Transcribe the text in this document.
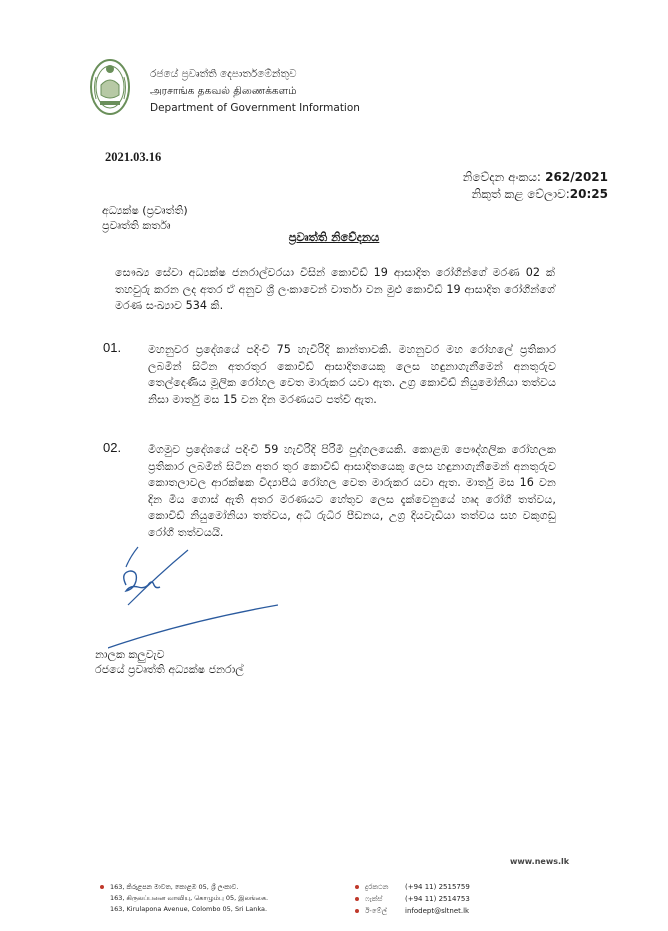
රජයේ ප්‍රවෘත්ති දෙපාර්තමේන්තුව
அரசாங்க தகவல் திணைக்களம்
Department of Government Information
2021.03.16
නිවේදන අංකය: 262/2021
නිකුත් කළ වේලාව:20:25
අධ්‍යක්ෂ (ප්‍රවෘත්ති)
ප්‍රවෘත්ති කර්තෘ
ප්‍රවෘත්ති නිවේදනය
සෞඛ්‍ය සේවා අධ්‍යක්ෂ ජනරාල්වරයා විසින් කොවිඩ් 19 ආසාදිත රෝගීන්ගේ මරණ 02 ක් තහවුරු කරන ලද අතර ඒ අනුව ශ්‍රී ලංකාවෙන් වාර්තා වන මුළු කොවිඩ් 19 ආසාදිත රෝගීන්ගේ මරණ සංඛ්‍යාව 534 කි.
01. මහනුවර ප්‍රදේශයේ පදිංචි 75 හැවිරිදි කාන්තාවකි. මහනුවර මහ රෝහලේ ප්‍රතිකාර ලබමින් සිටින අතරතුර කොවිඩ් ආසාදිතයෙකු ලෙස හඳුනාගැනීමෙන් අනතුරුව තෙල්දෙණිය මූලික රෝහල වෙත මාරුකර යවා ඇත. උග්‍ර කොවිඩ් නියුමෝනියා තත්වය නිසා මාර්තු මස 15 වන දින මරණයට පත්වී ඇත.
02. මීගමුව ප්‍රදේශයේ පදිංචි 59 හැවිරිදි පිරිමි පුද්ගලයෙකි. කොළඹ පෞද්ගලික රෝහලක ප්‍රතිකාර ලබමින් සිටින අතර තුර කොවිඩ් ආසාදිතයෙකු ලෙස හඳුනාගැනීමෙන් අනතුරුව කොතලාවල ආරක්ෂක විද්‍යාපීඨ රෝහල වෙත මාරුකර යවා ඇත. මාර්තු මස 16 වන දින මිය ගොස් ඇති අතර මරණයට හේතුව ලෙස දැක්වෙනුයේ හෘද රෝගී තත්වය, කොවිඩ් නියුමෝනියා තත්වය, අධි රුධිර පීඩනය, උග්‍ර දියවැඩියා තත්වය සහ වකුගඩු රෝගී තත්වයයි.
නාලක කලුවැව
රජයේ ප්‍රවෘත්ති අධ්‍යක්ෂ ජනරාල්
163, කිරුළපන මාවත, කොළඹ 05, ශ්‍රී ලංකාව.
163, கிருலப்பனை வாவியு, கொழும்பு 05, இலங்கை.
163, Kirulapona Avenue, Colombo 05, Sri Lanka.
දුරකථන (+94 11) 2515759
ෆැක්ස්	(+94 11) 2514753
ඊ-මේල්	infodept@sltnet.lk
www.news.lk
